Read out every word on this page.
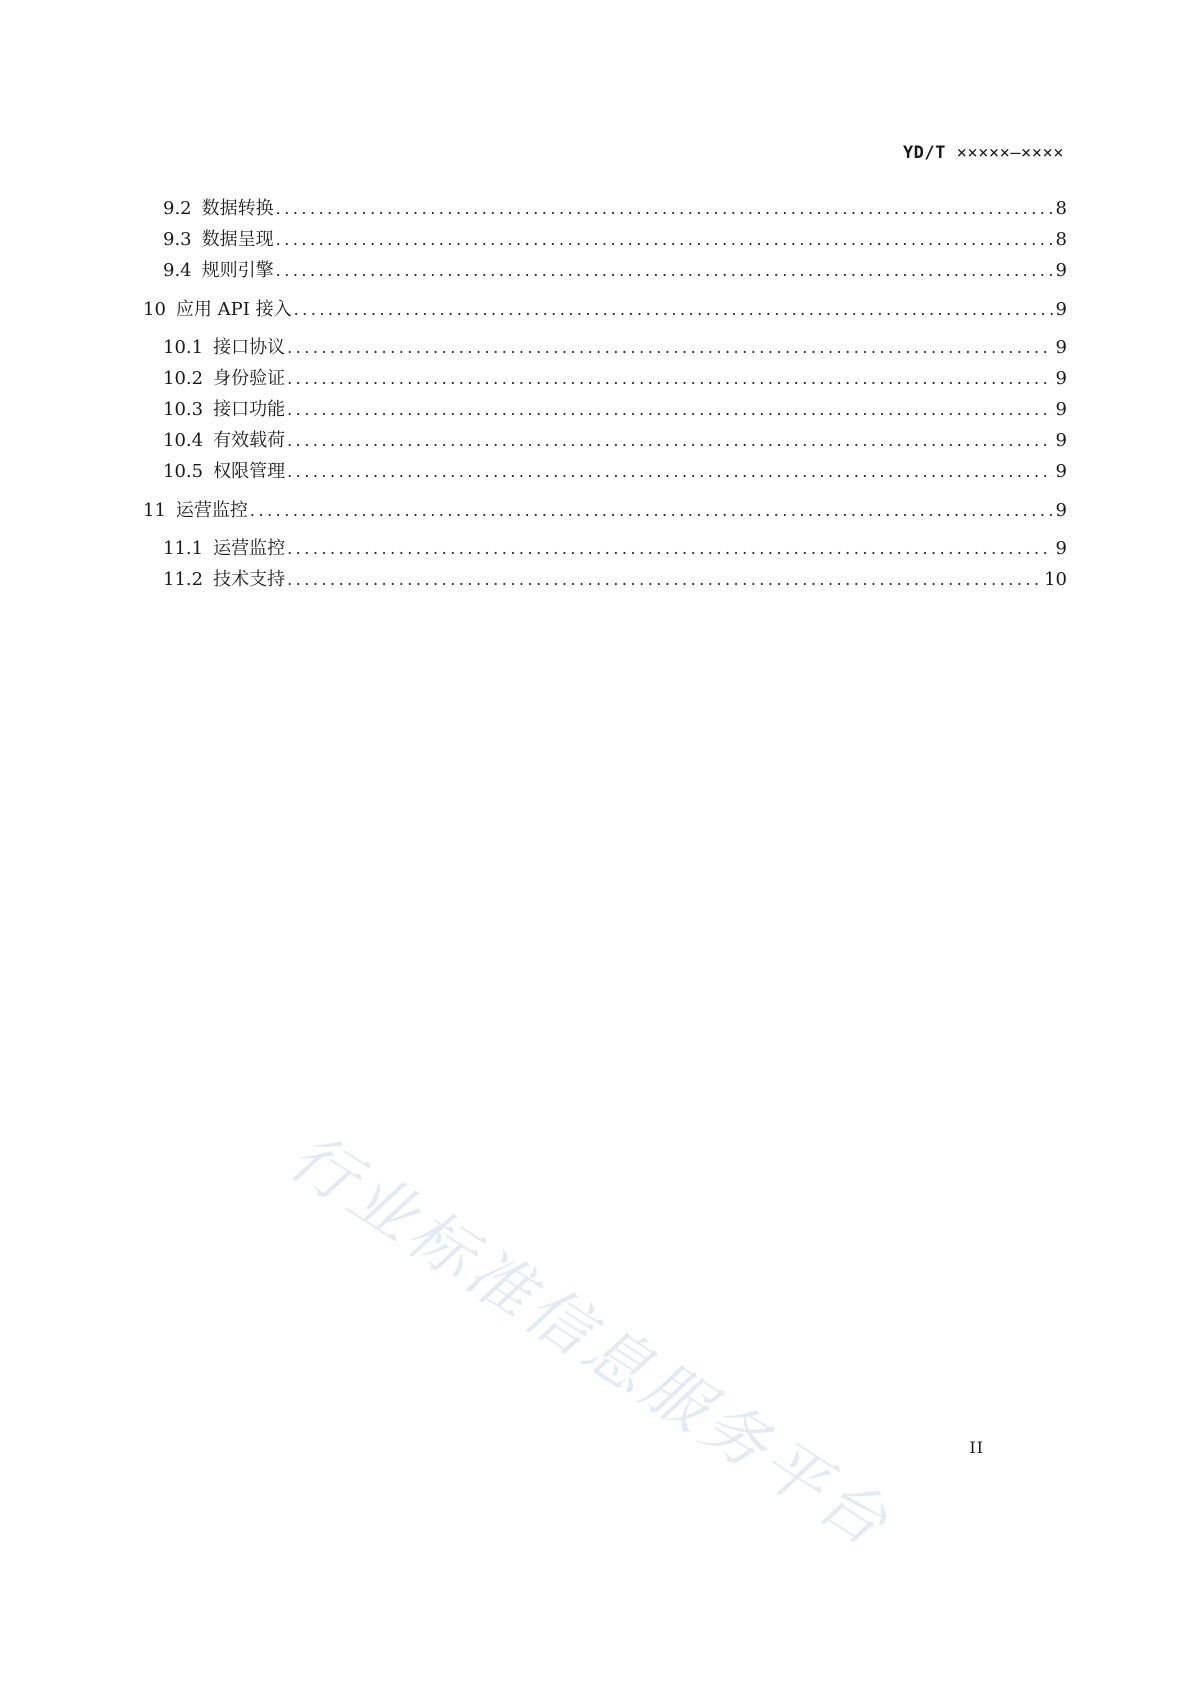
YD/T ×××××—××××
9.2 数据转换 .....	8
9.3 数据呈现 .....	8
9.4 规则引擎 .....	9
10 应用 API 接入 .....	9
10.1 接口协议 .....	9
10.2 身份验证 .....	9
10.3 接口功能 .....	9
10.4 有效载荷 .....	9
10.5 权限管理 .....	9
11 运营监控 .....	9
11.1 运营监控 .....	9
11.2 技术支持 .....	10
行业标准信息服务平台	II
